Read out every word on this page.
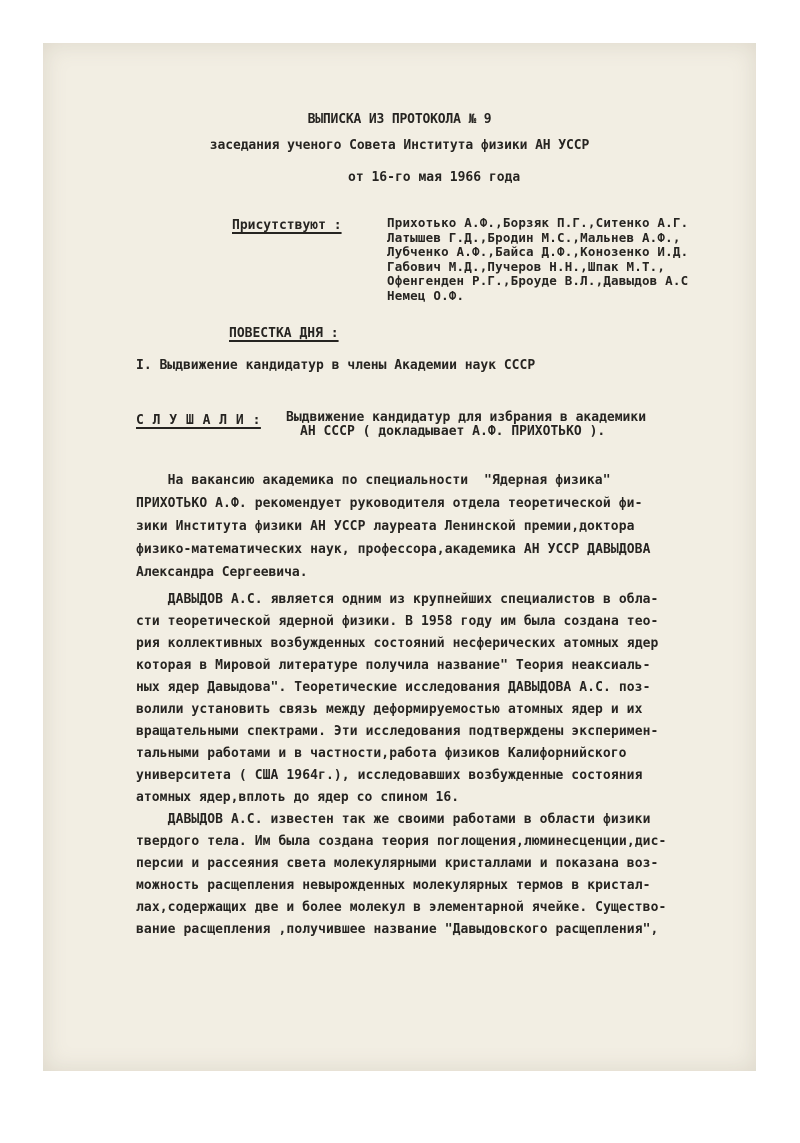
ВЫПИСКА ИЗ ПРОТОКОЛА № 9
заседания ученого Совета Института физики АН УССР
от 16-го мая 1966 года
Присутствуют :	Прихотько А.Ф.,Борзяк П.Г.,Ситенко А.Г.
Латышев Г.Д.,Бродин М.С.,Мальнев А.Ф.,
Лубченко А.Ф.,Байса Д.Ф.,Конозенко И.Д.
Габович М.Д.,Пучеров Н.Н.,Шпак М.Т.,
Офенгенден Р.Г.,Броуде В.Л.,Давыдов А.С
Немец О.Ф.
ПОВЕСТКА ДНЯ :
I. Выдвижение кандидатур в члены Академии наук СССР
С Л У Ш А Л И : Выдвижение кандидатур для избрания в академики
АН СССР ( докладывает А.Ф. ПРИХОТЬКО ).
На вакансию академика по специальности  "Ядерная физика"
ПРИХОТЬКО А.Ф. рекомендует руководителя отдела теоретической фи-
зики Института физики АН УССР лауреата Ленинской премии,доктора
физико-математических наук, профессора,академика АН УССР ДАВЫДОВА
Александра Сергеевича.
ДАВЫДОВ А.С. является одним из крупнейших специалистов в обла-
сти теоретической ядерной физики. В 1958 году им была создана тео-
рия коллективных возбужденных состояний несферических атомных ядер
которая в Мировой литературе получила название" Теория неаксиаль-
ных ядер Давыдова". Теоретические исследования ДАВЫДОВА А.С. поз-
волили установить связь между деформируемостью атомных ядер и их
вращательными спектрами. Эти исследования подтверждены эксперимен-
тальными работами и в частности,работа физиков Калифорнийского
университета ( США 1964г.), исследовавших возбужденные состояния
атомных ядер,вплоть до ядер со спином 16.
ДАВЫДОВ А.С. известен так же своими работами в области физики
твердого тела. Им была создана теория поглощения,люминесценции,дис-
персии и рассеяния света молекулярными кристаллами и показана воз-
можность расщепления невырожденных молекулярных термов в кристал-
лах,содержащих две и более молекул в элементарной ячейке. Существо-
вание расщепления ,получившее название "Давыдовского расщепления",
